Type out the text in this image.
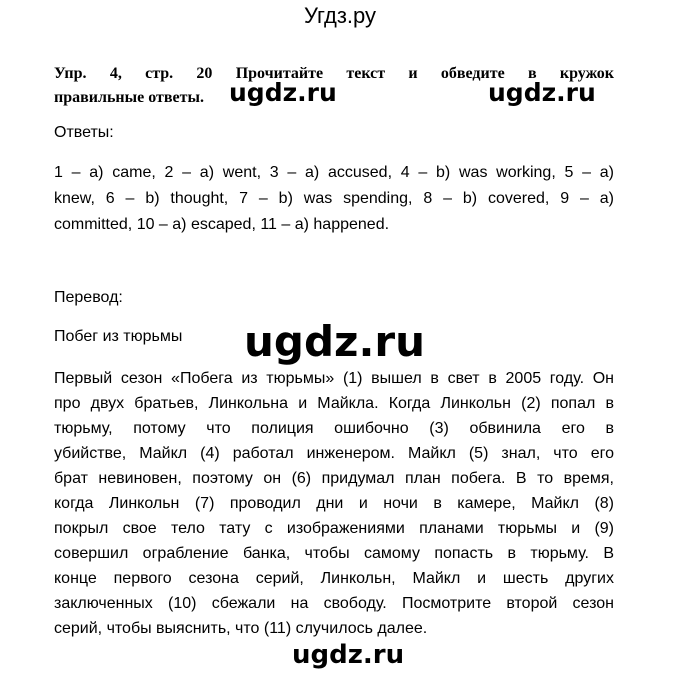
Угдз.ру
ugdz.ru	ugdz.ru
ugdz.ru
ugdz.ru
Упр. 4, стр. 20 Прочитайте текст и обведите в кружок
правильные ответы.
Ответы:
1 – a) came, 2 – a) went, 3 – a) accused, 4 – b) was working, 5 – a)
knew, 6 – b) thought, 7 – b) was spending, 8 – b) covered, 9 – a)
committed, 10 – a) escaped, 11 – a) happened.
Перевод:
Побег из тюрьмы
Первый сезон «Побега из тюрьмы» (1) вышел в свет в 2005 году. Он
про двух братьев, Линкольна и Майкла. Когда Линкольн (2) попал в
тюрьму, потому что полиция ошибочно (3) обвинила его в
убийстве, Майкл (4) работал инженером. Майкл (5) знал, что его
брат невиновен, поэтому он (6) придумал план побега. В то время,
когда Линкольн (7) проводил дни и ночи в камере, Майкл (8)
покрыл свое тело тату с изображениями планами тюрьмы и (9)
совершил ограбление банка, чтобы самому попасть в тюрьму. В
конце первого сезона серий, Линкольн, Майкл и шесть других
заключенных (10) сбежали на свободу. Посмотрите второй сезон
серий, чтобы выяснить, что (11) случилось далее.
